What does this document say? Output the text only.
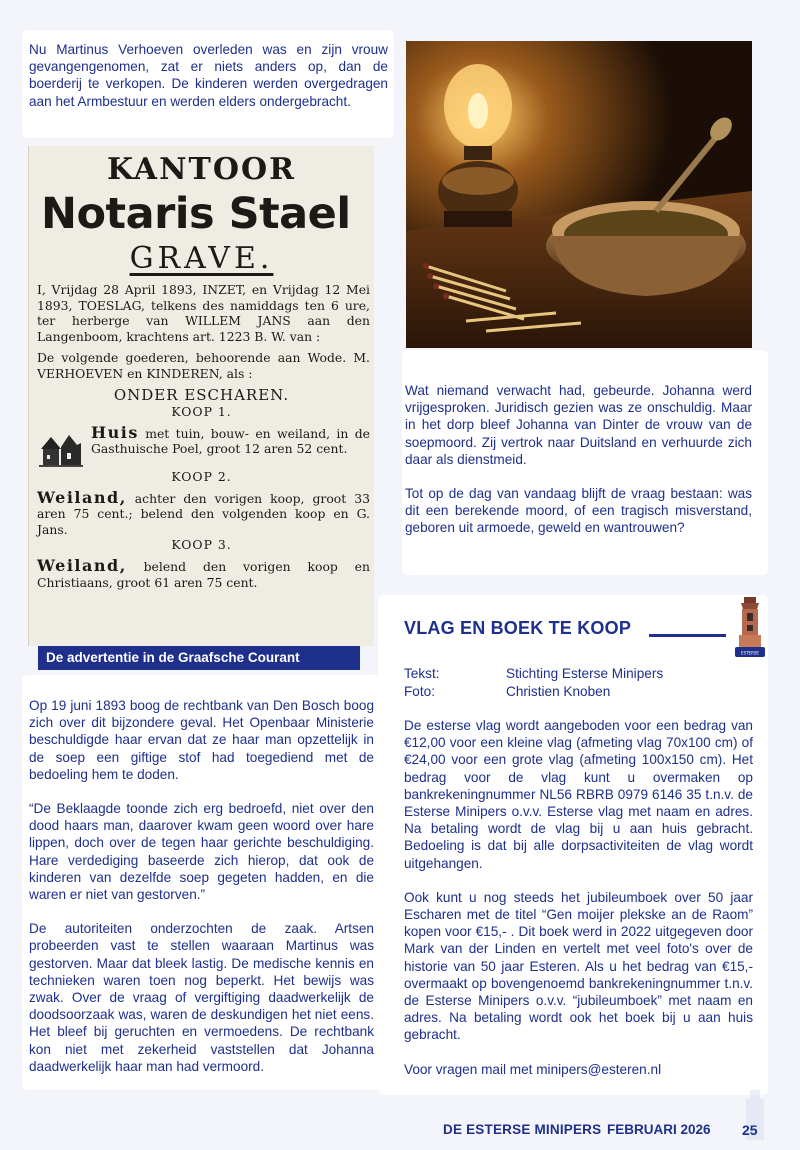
Nu Martinus Verhoeven overleden was en zijn vrouw gevangengenomen, zat er niets anders op, dan de boerderij te verkopen. De kinderen werden overgedragen aan het Armbestuur en werden elders ondergebracht.
KANTOOR
Notaris Stael
GRAVE.
I, Vrijdag 28 April 1893, INZET, en Vrijdag 12 Mei 1893, TOESLAG, telkens des namiddags ten 6 ure, ter herberge van WILLEM JANS aan den Langenboom, krachtens art. 1223 B. W. van :
De volgende goederen, behoorende aan Wode. M. VERHOEVEN en KINDEREN, als :
ONDER ESCHAREN.
KOOP 1.
Huis met tuin, bouw- en weiland, in de Gasthuische Poel, groot 12 aren 52 cent.
KOOP 2.
Weiland, achter den vorigen koop, groot 33 aren 75 cent.; belend den volgenden koop en G. Jans.
KOOP 3.
Weiland, belend den vorigen koop en Christiaans, groot 61 aren 75 cent.
De advertentie in de Graafsche Courant

Op 19 juni 1893 boog de rechtbank van Den Bosch boog zich over dit bijzondere geval. Het Openbaar Ministerie beschuldigde haar ervan dat ze haar man opzettelijk in de soep een giftige stof had toegediend met de bedoeling hem te doden.

“De Beklaagde toonde zich erg bedroefd, niet over den dood haars man, daarover kwam geen woord over hare lippen, doch over de tegen haar gerichte beschuldiging. Hare verdediging baseerde zich hierop, dat ook de kinderen van dezelfde soep gegeten hadden, en die waren er niet van gestorven.”

De autoriteiten onderzochten de zaak. Artsen probeerden vast te stellen waaraan Martinus was gestorven. Maar dat bleek lastig. De medische kennis en technieken waren toen nog beperkt. Het bewijs was zwak. Over de vraag of vergiftiging daadwerkelijk de doodsoorzaak was, waren de deskundigen het niet eens. Het bleef bij geruchten en vermoedens. De rechtbank kon niet met zekerheid vaststellen dat Johanna daadwerkelijk haar man had vermoord.

Wat niemand verwacht had, gebeurde. Johanna werd vrijgesproken. Juridisch gezien was ze onschuldig. Maar in het dorp bleef Johanna van Dinter de vrouw van de soepmoord. Zij vertrok naar Duitsland en verhuurde zich daar als dienstmeid.

Tot op de dag van vandaag blijft de vraag bestaan: was dit een berekende moord, of een tragisch misverstand, geboren uit armoede, geweld en wantrouwen?

VLAG EN BOEK TE KOOP
ESTERSE
Tekst:	Stichting Esterse Minipers
Foto:	Christien Knoben

De esterse vlag wordt aangeboden voor een bedrag van €12,00 voor een kleine vlag (afmeting vlag 70x100 cm) of €24,00 voor een grote vlag (afmeting 100x150 cm). Het bedrag voor de vlag kunt u overmaken op bankrekeningnummer NL56 RBRB 0979 6146 35 t.n.v. de Esterse Minipers o.v.v. Esterse vlag met naam en adres. Na betaling wordt de vlag bij u aan huis gebracht. Bedoeling is dat bij alle dorpsactiviteiten de vlag wordt uitgehangen.

Ook kunt u nog steeds het jubileumboek over 50 jaar Escharen met de titel “Gen moijer plekske an de Raom” kopen voor €15,- . Dit boek werd in 2022 uitgegeven door Mark van der Linden en vertelt met veel foto's over de historie van 50 jaar Esteren. Als u het bedrag van €15,- overmaakt op bovengenoemd bankrekeningnummer t.n.v. de Esterse Minipers o.v.v. “jubileumboek” met naam en adres. Na betaling wordt ook het boek bij u aan huis gebracht.

Voor vragen mail met minipers@esteren.nl

DE ESTERSE MINIPERS FEBRUARI 2026 25
